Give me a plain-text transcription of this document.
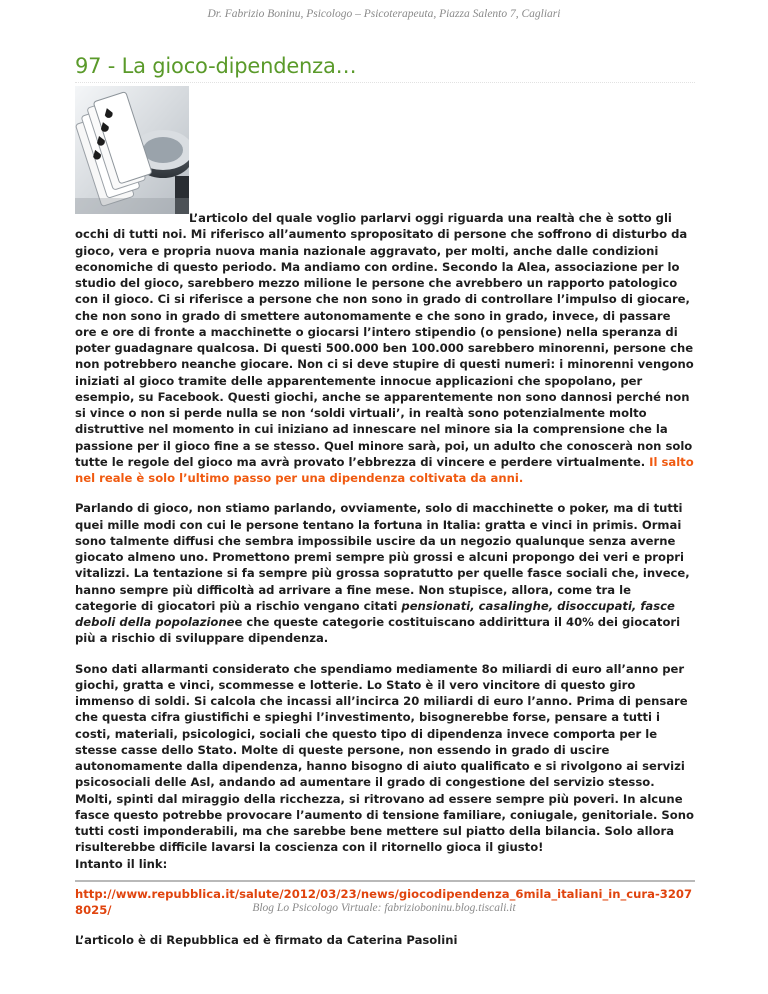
Dr. Fabrizio Boninu, Psicologo – Psicoterapeuta, Piazza Salento 7, Cagliari
97 - La gioco-dipendenza…

L’articolo del quale voglio parlarvi oggi riguarda una realtà che è sotto gli
occhi di tutti noi. Mi riferisco all’aumento spropositato di persone che soffrono di disturbo da gioco, vera e propria nuova mania nazionale aggravato, per molti, anche dalle condizioni economiche di questo periodo. Ma andiamo con ordine. Secondo la Alea, associazione per lo studio del gioco, sarebbero mezzo milione le persone che avrebbero un rapporto patologico con il gioco. Ci si riferisce a persone che non sono in grado di controllare l’impulso di giocare, che non sono in grado di smettere autonomamente e che sono in grado, invece, di passare ore e ore di fronte a macchinette o giocarsi l’intero stipendio (o pensione) nella speranza di poter guadagnare qualcosa. Di questi 500.000 ben 100.000 sarebbero minorenni, persone che non potrebbero neanche giocare. Non ci si deve stupire di questi numeri: i minorenni vengono iniziati al gioco tramite delle apparentemente innocue applicazioni che spopolano, per esempio, su Facebook. Questi giochi, anche se apparentemente non sono dannosi perché non si vince o non si perde nulla se non ‘soldi virtuali’, in realtà sono potenzialmente molto distruttive nel momento in cui iniziano ad innescare nel minore sia la comprensione che la passione per il gioco fine a se stesso. Quel minore sarà, poi, un adulto che conoscerà non solo tutte le regole del gioco ma avrà provato l’ebbrezza di vincere e perdere virtualmente. Il salto nel reale è solo l’ultimo passo per una dipendenza coltivata da anni.

Parlando di gioco, non stiamo parlando, ovviamente, solo di macchinette o poker, ma di tutti quei mille modi con cui le persone tentano la fortuna in Italia: gratta e vinci in primis. Ormai sono talmente diffusi che sembra impossibile uscire da un negozio qualunque senza averne giocato almeno uno. Promettono premi sempre più grossi e alcuni propongo dei veri e propri vitalizzi. La tentazione si fa sempre più grossa sopratutto per quelle fasce sociali che, invece, hanno sempre più difficoltà ad arrivare a fine mese. Non stupisce, allora, come tra le categorie di giocatori più a rischio vengano citati pensionati, casalinghe, disoccupati, fasce deboli della popolazionee che queste categorie costituiscano addirittura il 40% dei giocatori più a rischio di sviluppare dipendenza.

Sono dati allarmanti considerato che spendiamo mediamente 8o miliardi di euro all’anno per giochi, gratta e vinci, scommesse e lotterie. Lo Stato è il vero vincitore di questo giro immenso di soldi. Si calcola che incassi all’incirca 20 miliardi di euro l’anno. Prima di pensare che questa cifra giustifichi e spieghi l’investimento, bisognerebbe forse, pensare a tutti i costi, materiali, psicologici, sociali che questo tipo di dipendenza invece comporta per le stesse casse dello Stato. Molte di queste persone, non essendo in grado di uscire autonomamente dalla dipendenza, hanno bisogno di aiuto qualificato e si rivolgono ai servizi psicosociali delle Asl, andando ad aumentare il grado di congestione del servizio stesso. Molti, spinti dal miraggio della ricchezza, si ritrovano ad essere sempre più poveri. In alcune fasce questo potrebbe provocare l’aumento di tensione familiare, coniugale, genitoriale. Sono tutti costi imponderabili, ma che sarebbe bene mettere sul piatto della bilancia. Solo allora risulterebbe difficile lavarsi la coscienza con il ritornello gioca il giusto!
Intanto il link:

http://www.repubblica.it/salute/2012/03/23/news/giocodipendenza_6mila_italiani_in_cura-32078025/

L’articolo è di Repubblica ed è firmato da Caterina Pasolini

Blog Lo Psicologo Virtuale: fabrizioboninu.blog.tiscali.it
